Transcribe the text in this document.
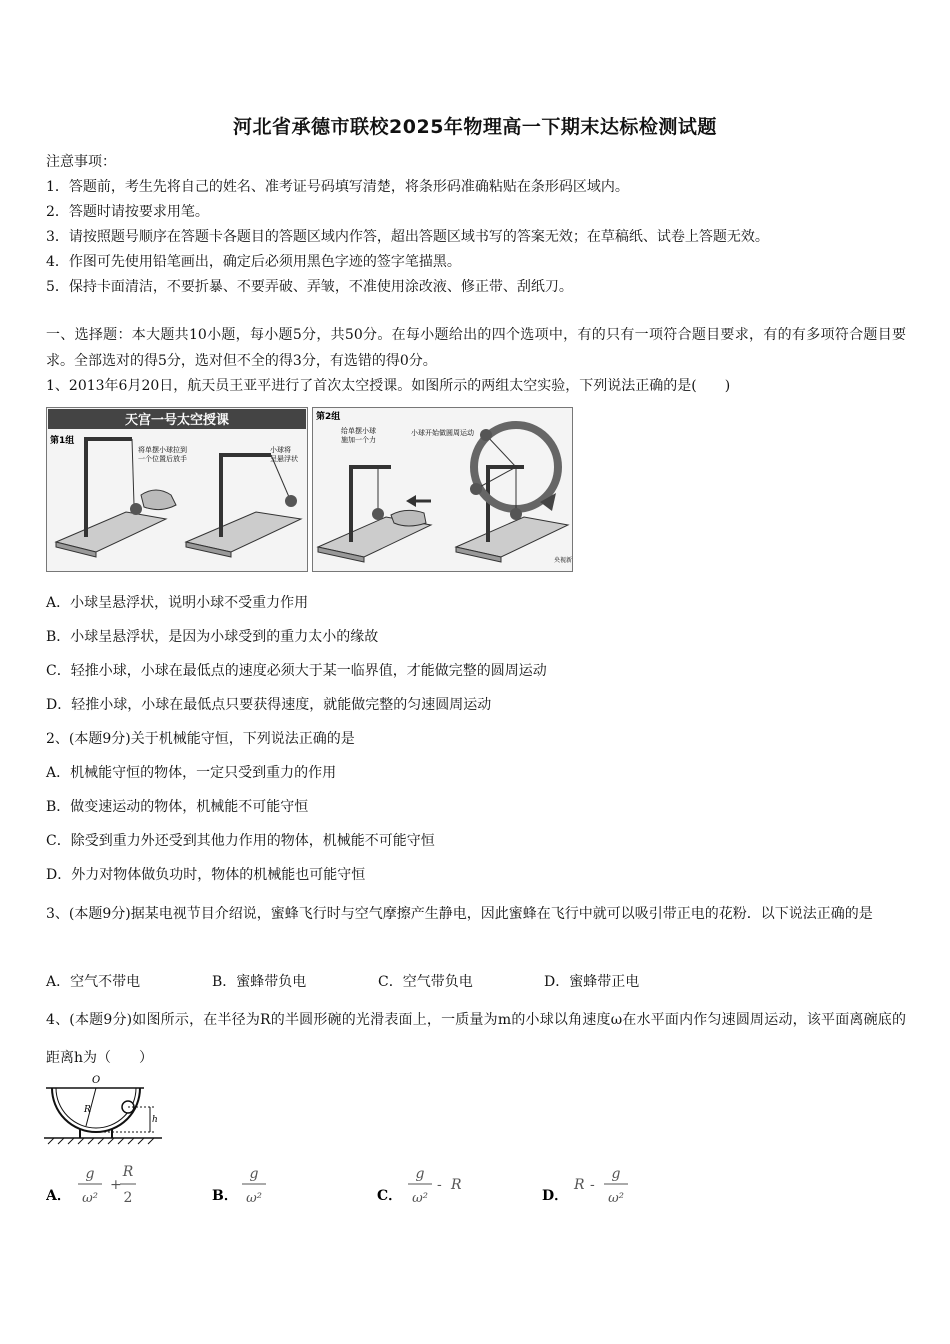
河北省承德市联校2025年物理高一下期末达标检测试题
注意事项：
1．答题前，考生先将自己的姓名、准考证号码填写清楚，将条形码准确粘贴在条形码区域内。
2．答题时请按要求用笔。
3．请按照题号顺序在答题卡各题目的答题区域内作答，超出答题区域书写的答案无效；在草稿纸、试卷上答题无效。
4．作图可先使用铅笔画出，确定后必须用黑色字迹的签字笔描黑。
5．保持卡面清洁，不要折暴、不要弄破、弄皱，不准使用涂改液、修正带、刮纸刀。
一、选择题：本大题共10小题，每小题5分，共50分。在每小题给出的四个选项中，有的只有一项符合题目要求，有的有多项符合题目要求。全部选对的得5分，选对但不全的得3分，有选错的得0分。
1、2013年6月20日，航天员王亚平进行了首次太空授课。如图所示的两组太空实验，下列说法正确的是(　　)
天宫一号太空授课
第1组
将单摆小球拉到
一个位置后放手
小球将
呈悬浮状
第2组
给单摆小球
施加一个力
小球开始做圆周运动
央视新
A．小球呈悬浮状，说明小球不受重力作用
B．小球呈悬浮状，是因为小球受到的重力太小的缘故
C．轻推小球，小球在最低点的速度必须大于某一临界值，才能做完整的圆周运动
D．轻推小球，小球在最低点只要获得速度，就能做完整的匀速圆周运动
2、(本题9分)关于机械能守恒，下列说法正确的是
A．机械能守恒的物体，一定只受到重力的作用
B．做变速运动的物体，机械能不可能守恒
C．除受到重力外还受到其他力作用的物体，机械能不可能守恒
D．外力对物体做负功时，物体的机械能也可能守恒
3、(本题9分)据某电视节目介绍说，蜜蜂飞行时与空气摩擦产生静电，因此蜜蜂在飞行中就可以吸引带正电的花粉．以下说法正确的是
A．空气不带电	B．蜜蜂带负电	C．空气带负电	D．蜜蜂带正电
4、(本题9分)如图所示，在半径为R的半圆形碗的光滑表面上，一质量为m的小球以角速度ω在水平面内作匀速圆周运动，该平面离碗底的距离h为（　　）
O
R
h
A．
g
ω²
+
R
2	B．
g
ω²	C．
g
ω²
- R
D．
R -
g
ω²
